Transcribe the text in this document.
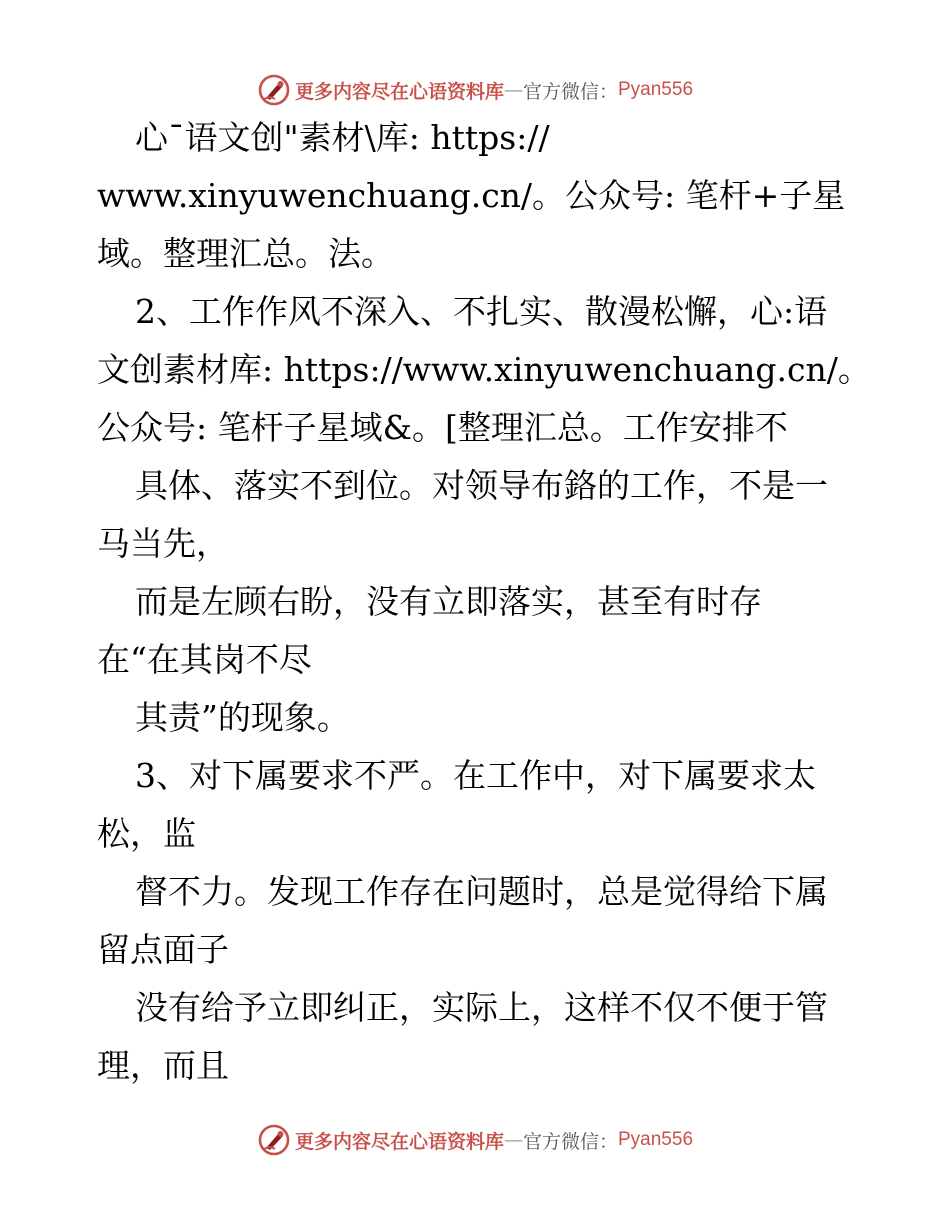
更多内容尽在心语资料库 — 官方微信： Pyan556
心¯语文创"素材\库: https://
www.xinyuwenchuang.cn/。公众号: 笔杆+子星
域。整理汇总。法。
2、工作作风不深入、不扎实、散漫松懈，心:语
文创素材库: https://www.xinyuwenchuang.cn/。
公众号: 笔杆子星域&。[整理汇总。工作安排不
具体、落实不到位。对领导布鉻的工作，不是一
马当先，
而是左顾右盼，没有立即落实，甚至有时存
在“在其岗不尽
其责”的现象。
3、对下属要求不严。在工作中，对下属要求太
松，监
督不力。发现工作存在问题时，总是觉得给下属
留点面子
没有给予立即纠正，实际上，这样不仅不便于管
理，而且
更多内容尽在心语资料库 — 官方微信： Pyan556
